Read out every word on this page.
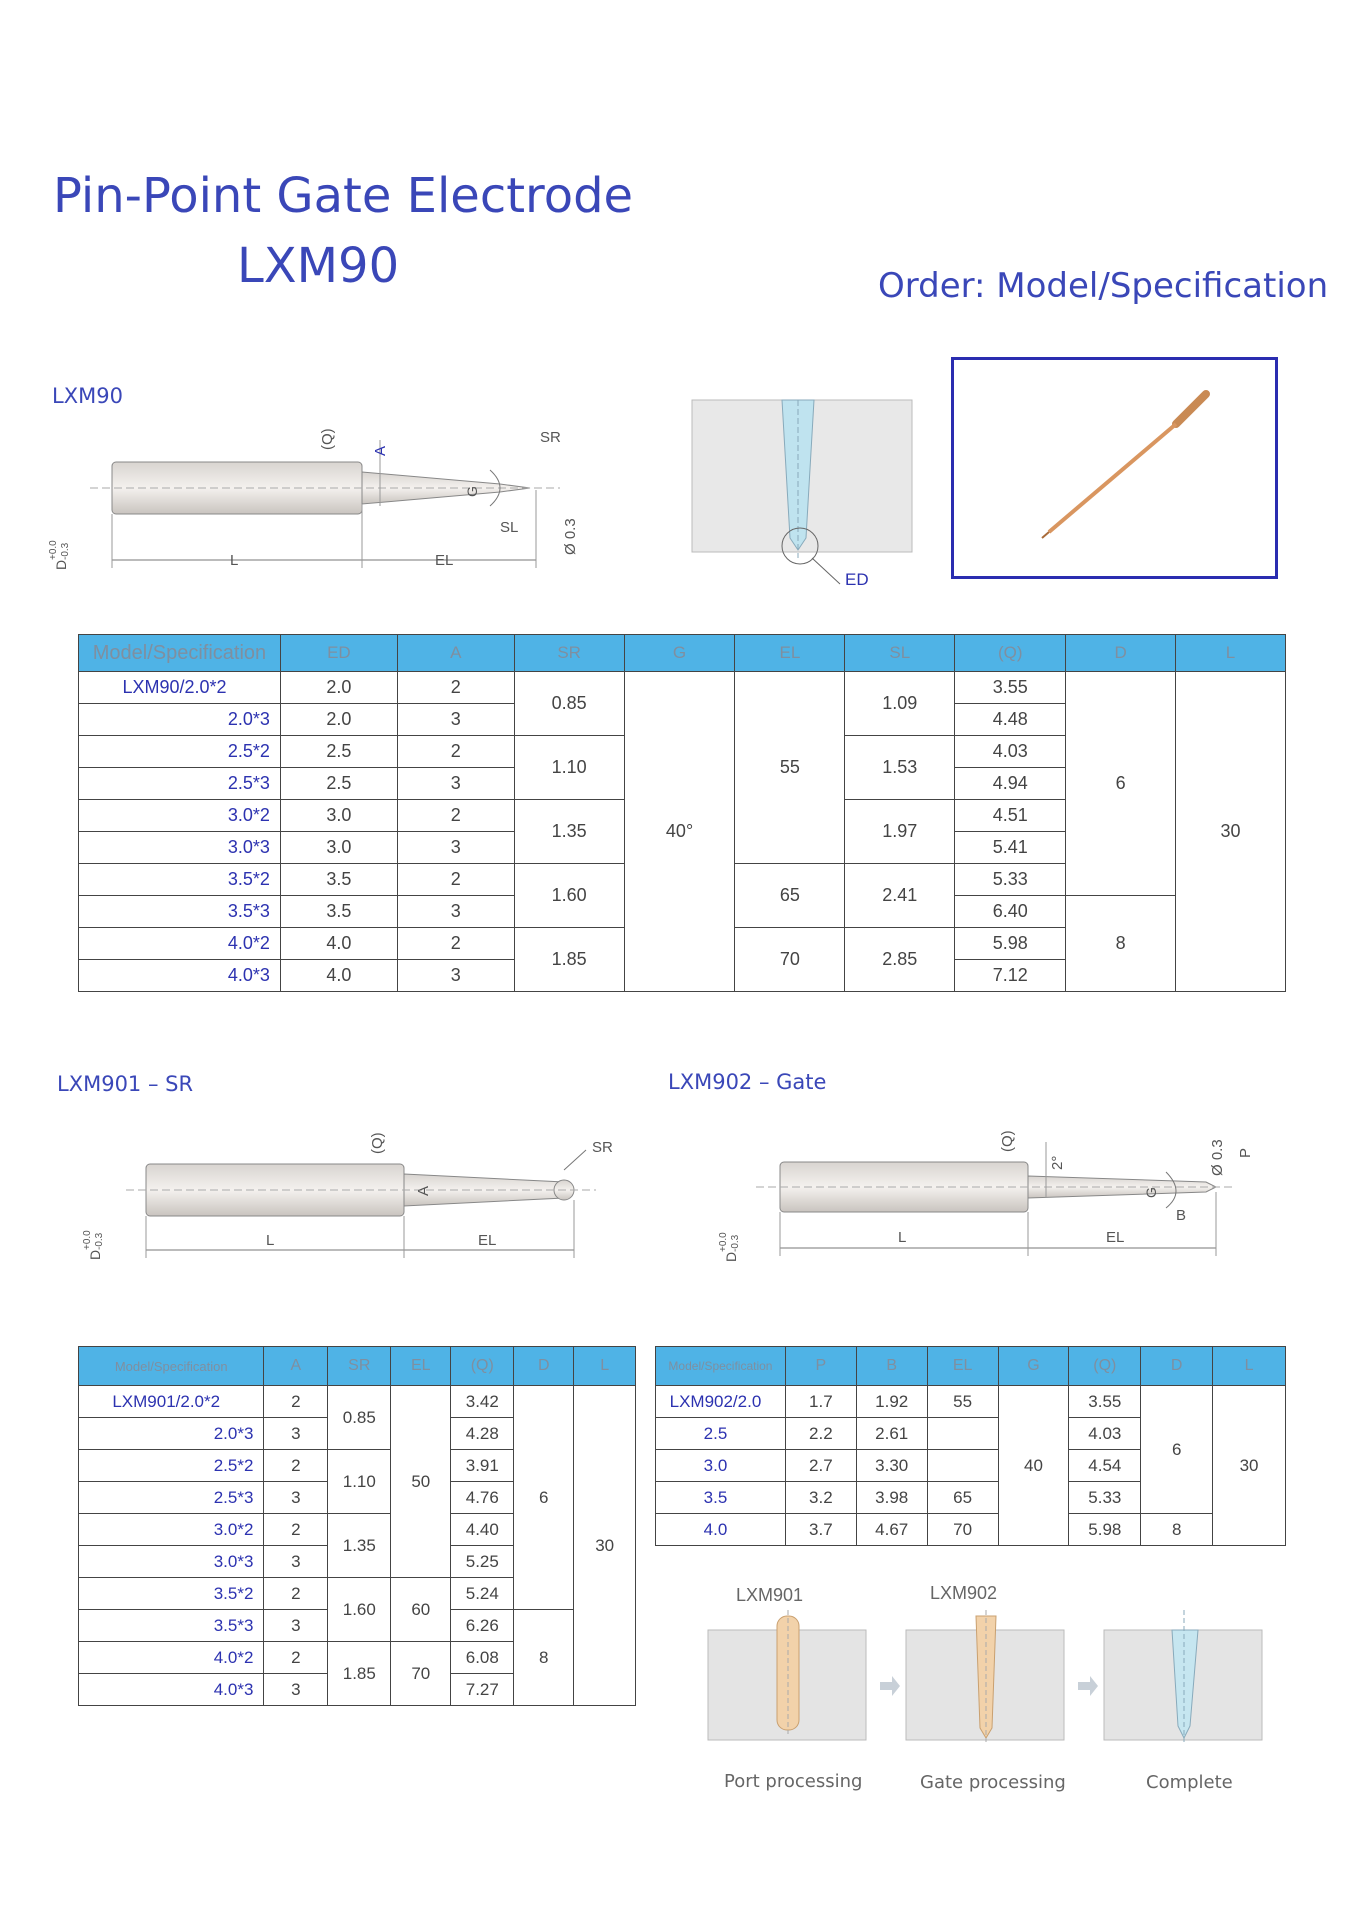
Pin-Point Gate Electrode
LXM90	Order: Model/Specification
LXM90
L	EL
SR
SL
(Q)
A
G
Ø 0.3
D
+0.0 -0.3
ED
Model/Specification	ED	A	SR	G	EL	SL	(Q)	D	L
LXM90/2.0*2	2.0	2	0.85	40°	55	1.09	3.55	6	30
2.0*3	2.0	3					4.48		
2.5*2	2.5	2	1.10			1.53	4.03		
2.5*3	2.5	3					4.94		
3.0*2	3.0	2	1.35			1.97	4.51		
3.0*3	3.0	3					5.41		
3.5*2	3.5	2	1.60		65	2.41	5.33		
3.5*3	3.5	3					6.40	8	
4.0*2	4.0	2	1.85		70	2.85	5.98		
4.0*3	4.0	3					7.12		
LXM901 – SR
L	EL
SR
(Q)
A
D
+0.0 -0.3
LXM902 – Gate
L	EL
B
(Q)
2°
G
Ø 0.3 P
D
+0.0 -0.3
Model/Specification	A	SR	EL	(Q)	D	L
LXM901/2.0*2	2	0.85	50	3.42	6	30
2.0*3	3			4.28		
2.5*2	2	1.10		3.91		
2.5*3	3			4.76		
3.0*2	2	1.35		4.40		
3.0*3	3			5.25		
3.5*2	2	1.60	60	5.24		
3.5*3	3			6.26	8	
4.0*2	2	1.85	70	6.08		
4.0*3	3			7.27		
Model/Specification	P	B	EL	G	(Q)	D	L
LXM902/2.0	1.7	1.92	55	40	3.55	6	30
2.5	2.2	2.61			4.03		
3.0	2.7	3.30			4.54		
3.5	3.2	3.98	65		5.33		
4.0	3.7	4.67	70		5.98	8	
LXM901	LXM902
Port processing	Gate processing	Complete
